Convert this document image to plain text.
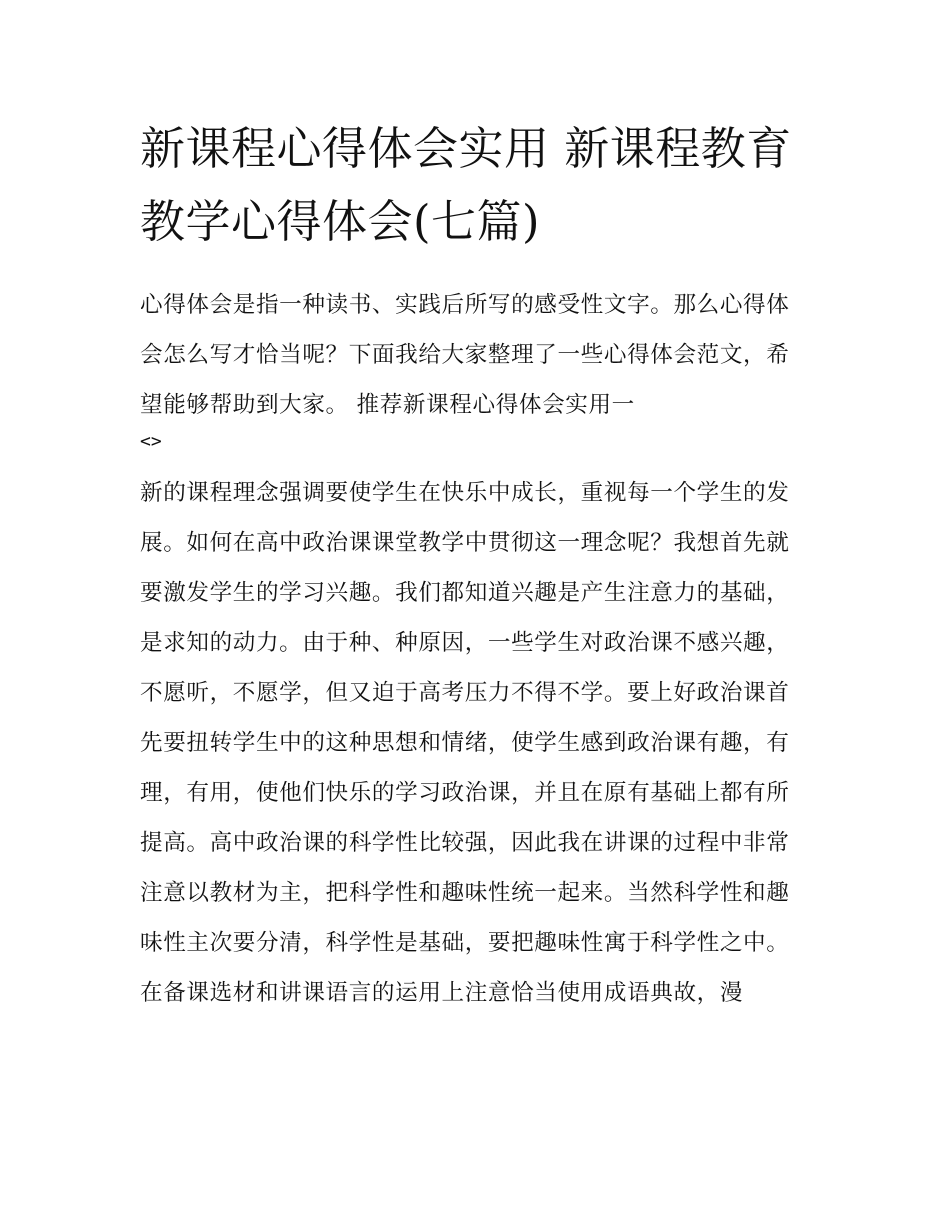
新课程心得体会实用 新课程教育教学心得体会(七篇)

心得体会是指一种读书、实践后所写的感受性文字。那么心得体会怎么写才恰当呢？下面我给大家整理了一些心得体会范文，希望能够帮助到大家。 推荐新课程心得体会实用一

<>

新的课程理念强调要使学生在快乐中成长，重视每一个学生的发展。如何在高中政治课课堂教学中贯彻这一理念呢？我想首先就要激发学生的学习兴趣。我们都知道兴趣是产生注意力的基础，是求知的动力。由于种、种原因，一些学生对政治课不感兴趣，不愿听，不愿学，但又迫于高考压力不得不学。要上好政治课首先要扭转学生中的这种思想和情绪，使学生感到政治课有趣，有理，有用，使他们快乐的学习政治课，并且在原有基础上都有所提高。高中政治课的科学性比较强，因此我在讲课的过程中非常注意以教材为主，把科学性和趣味性统一起来。当然科学性和趣味性主次要分清，科学性是基础，要把趣味性寓于科学性之中。

在备课选材和讲课语言的运用上注意恰当使用成语典故，漫
